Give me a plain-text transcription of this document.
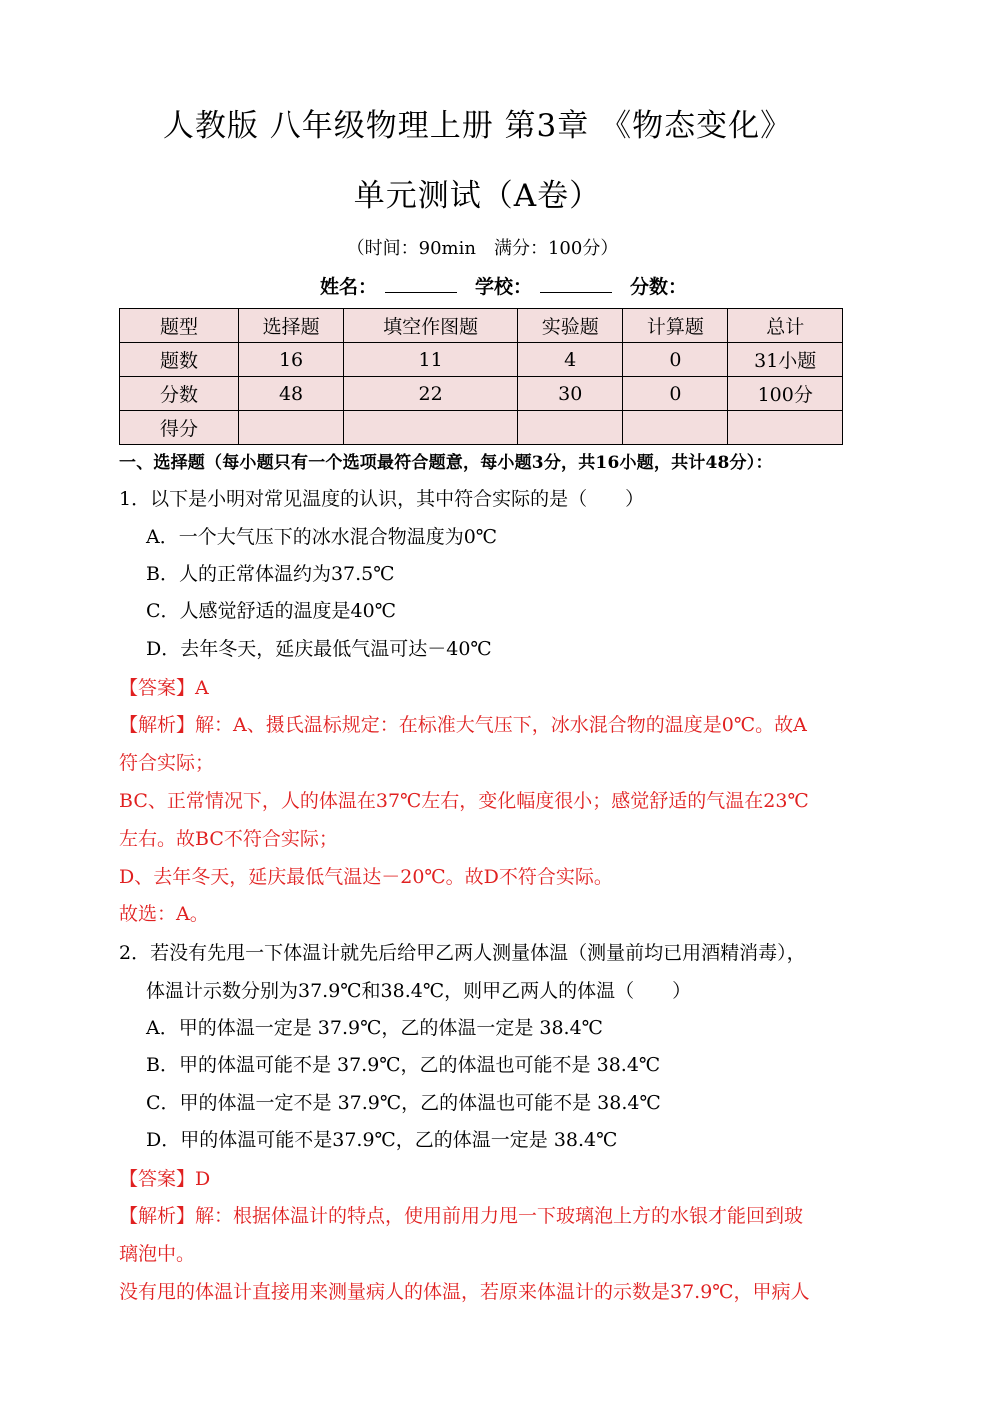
人教版 八年级物理上册 第3章 《物态变化》
单元测试（A卷）
（时间：90min 满分：100分）
姓名：	学校：	分数：
题型	选择题	填空作图题	实验题	计算题	总计
题数	16	11	4	0	31小题
分数	48	22	30	0	100分
得分					
一、选择题（每小题只有一个选项最符合题意，每小题3分，共16小题，共计48分）：
1．以下是小明对常见温度的认识，其中符合实际的是（　　）
A．一个大气压下的冰水混合物温度为0℃
B．人的正常体温约为37.5℃
C．人感觉舒适的温度是40℃
D．去年冬天，延庆最低气温可达－40℃
【答案】A
【解析】解：A、摄氏温标规定：在标准大气压下，冰水混合物的温度是0℃。故A
符合实际；
BC、正常情况下，人的体温在37℃左右，变化幅度很小；感觉舒适的气温在23℃
左右。故BC不符合实际；
D、去年冬天，延庆最低气温达－20℃。故D不符合实际。
故选：A。
2．若没有先甩一下体温计就先后给甲乙两人测量体温（测量前均已用酒精消毒），
体温计示数分别为37.9℃和38.4℃，则甲乙两人的体温（　　）
A．甲的体温一定是 37.9℃，乙的体温一定是 38.4℃
B．甲的体温可能不是 37.9℃，乙的体温也可能不是 38.4℃
C．甲的体温一定不是 37.9℃，乙的体温也可能不是 38.4℃
D．甲的体温可能不是37.9℃，乙的体温一定是 38.4℃
【答案】D
【解析】解：根据体温计的特点，使用前用力甩一下玻璃泡上方的水银才能回到玻
璃泡中。
没有甩的体温计直接用来测量病人的体温，若原来体温计的示数是37.9℃，甲病人
